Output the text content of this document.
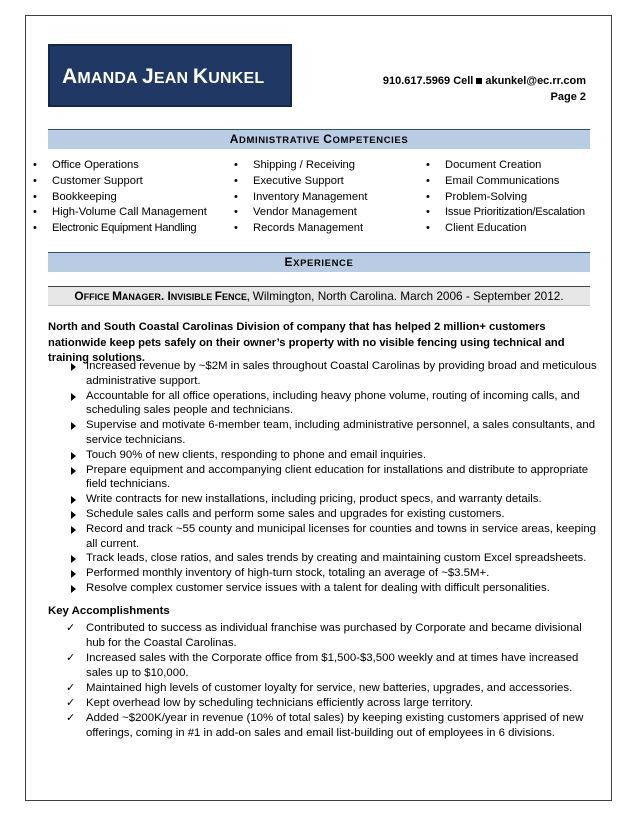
AMANDA JEAN KUNKEL	910.617.5969 Cell akunkel@ec.rr.com
Page 2
ADMINISTRATIVE COMPETENCIES
• Office Operations
• Customer Support
• Bookkeeping
• High-Volume Call Management
• Electronic Equipment Handling
• Shipping / Receiving
• Executive Support
• Inventory Management
• Vendor Management
• Records Management
• Document Creation
• Email Communications
• Problem-Solving
• Issue Prioritization/Escalation
• Client Education
EXPERIENCE
OFFICE MANAGER. INVISIBLE FENCE, Wilmington, North Carolina. March 2006 - September 2012.
North and South Coastal Carolinas Division of company that has helped 2 million+ customers nationwide keep pets safely on their owner’s property with no visible fencing using technical and training solutions.
Increased revenue by ~$2M in sales throughout Coastal Carolinas by providing broad and meticulous administrative support.
Accountable for all office operations, including heavy phone volume, routing of incoming calls, and scheduling sales people and technicians.
Supervise and motivate 6-member team, including administrative personnel, a sales consultants, and service technicians.
Touch 90% of new clients, responding to phone and email inquiries.
Prepare equipment and accompanying client education for installations and distribute to appropriate field technicians.
Write contracts for new installations, including pricing, product specs, and warranty details.
Schedule sales calls and perform some sales and upgrades for existing customers.
Record and track ~55 county and municipal licenses for counties and towns in service areas, keeping all current.
Track leads, close ratios, and sales trends by creating and maintaining custom Excel spreadsheets.
Performed monthly inventory of high-turn stock, totaling an average of ~$3.5M+.
Resolve complex customer service issues with a talent for dealing with difficult personalities.
Key Accomplishments
✓ Contributed to success as individual franchise was purchased by Corporate and became divisional hub for the Coastal Carolinas.
✓ Increased sales with the Corporate office from $1,500-$3,500 weekly and at times have increased sales up to $10,000.
✓ Maintained high levels of customer loyalty for service, new batteries, upgrades, and accessories.
✓ Kept overhead low by scheduling technicians efficiently across large territory.
✓ Added ~$200K/year in revenue (10% of total sales) by keeping existing customers apprised of new offerings, coming in #1 in add-on sales and email list-building out of employees in 6 divisions.
